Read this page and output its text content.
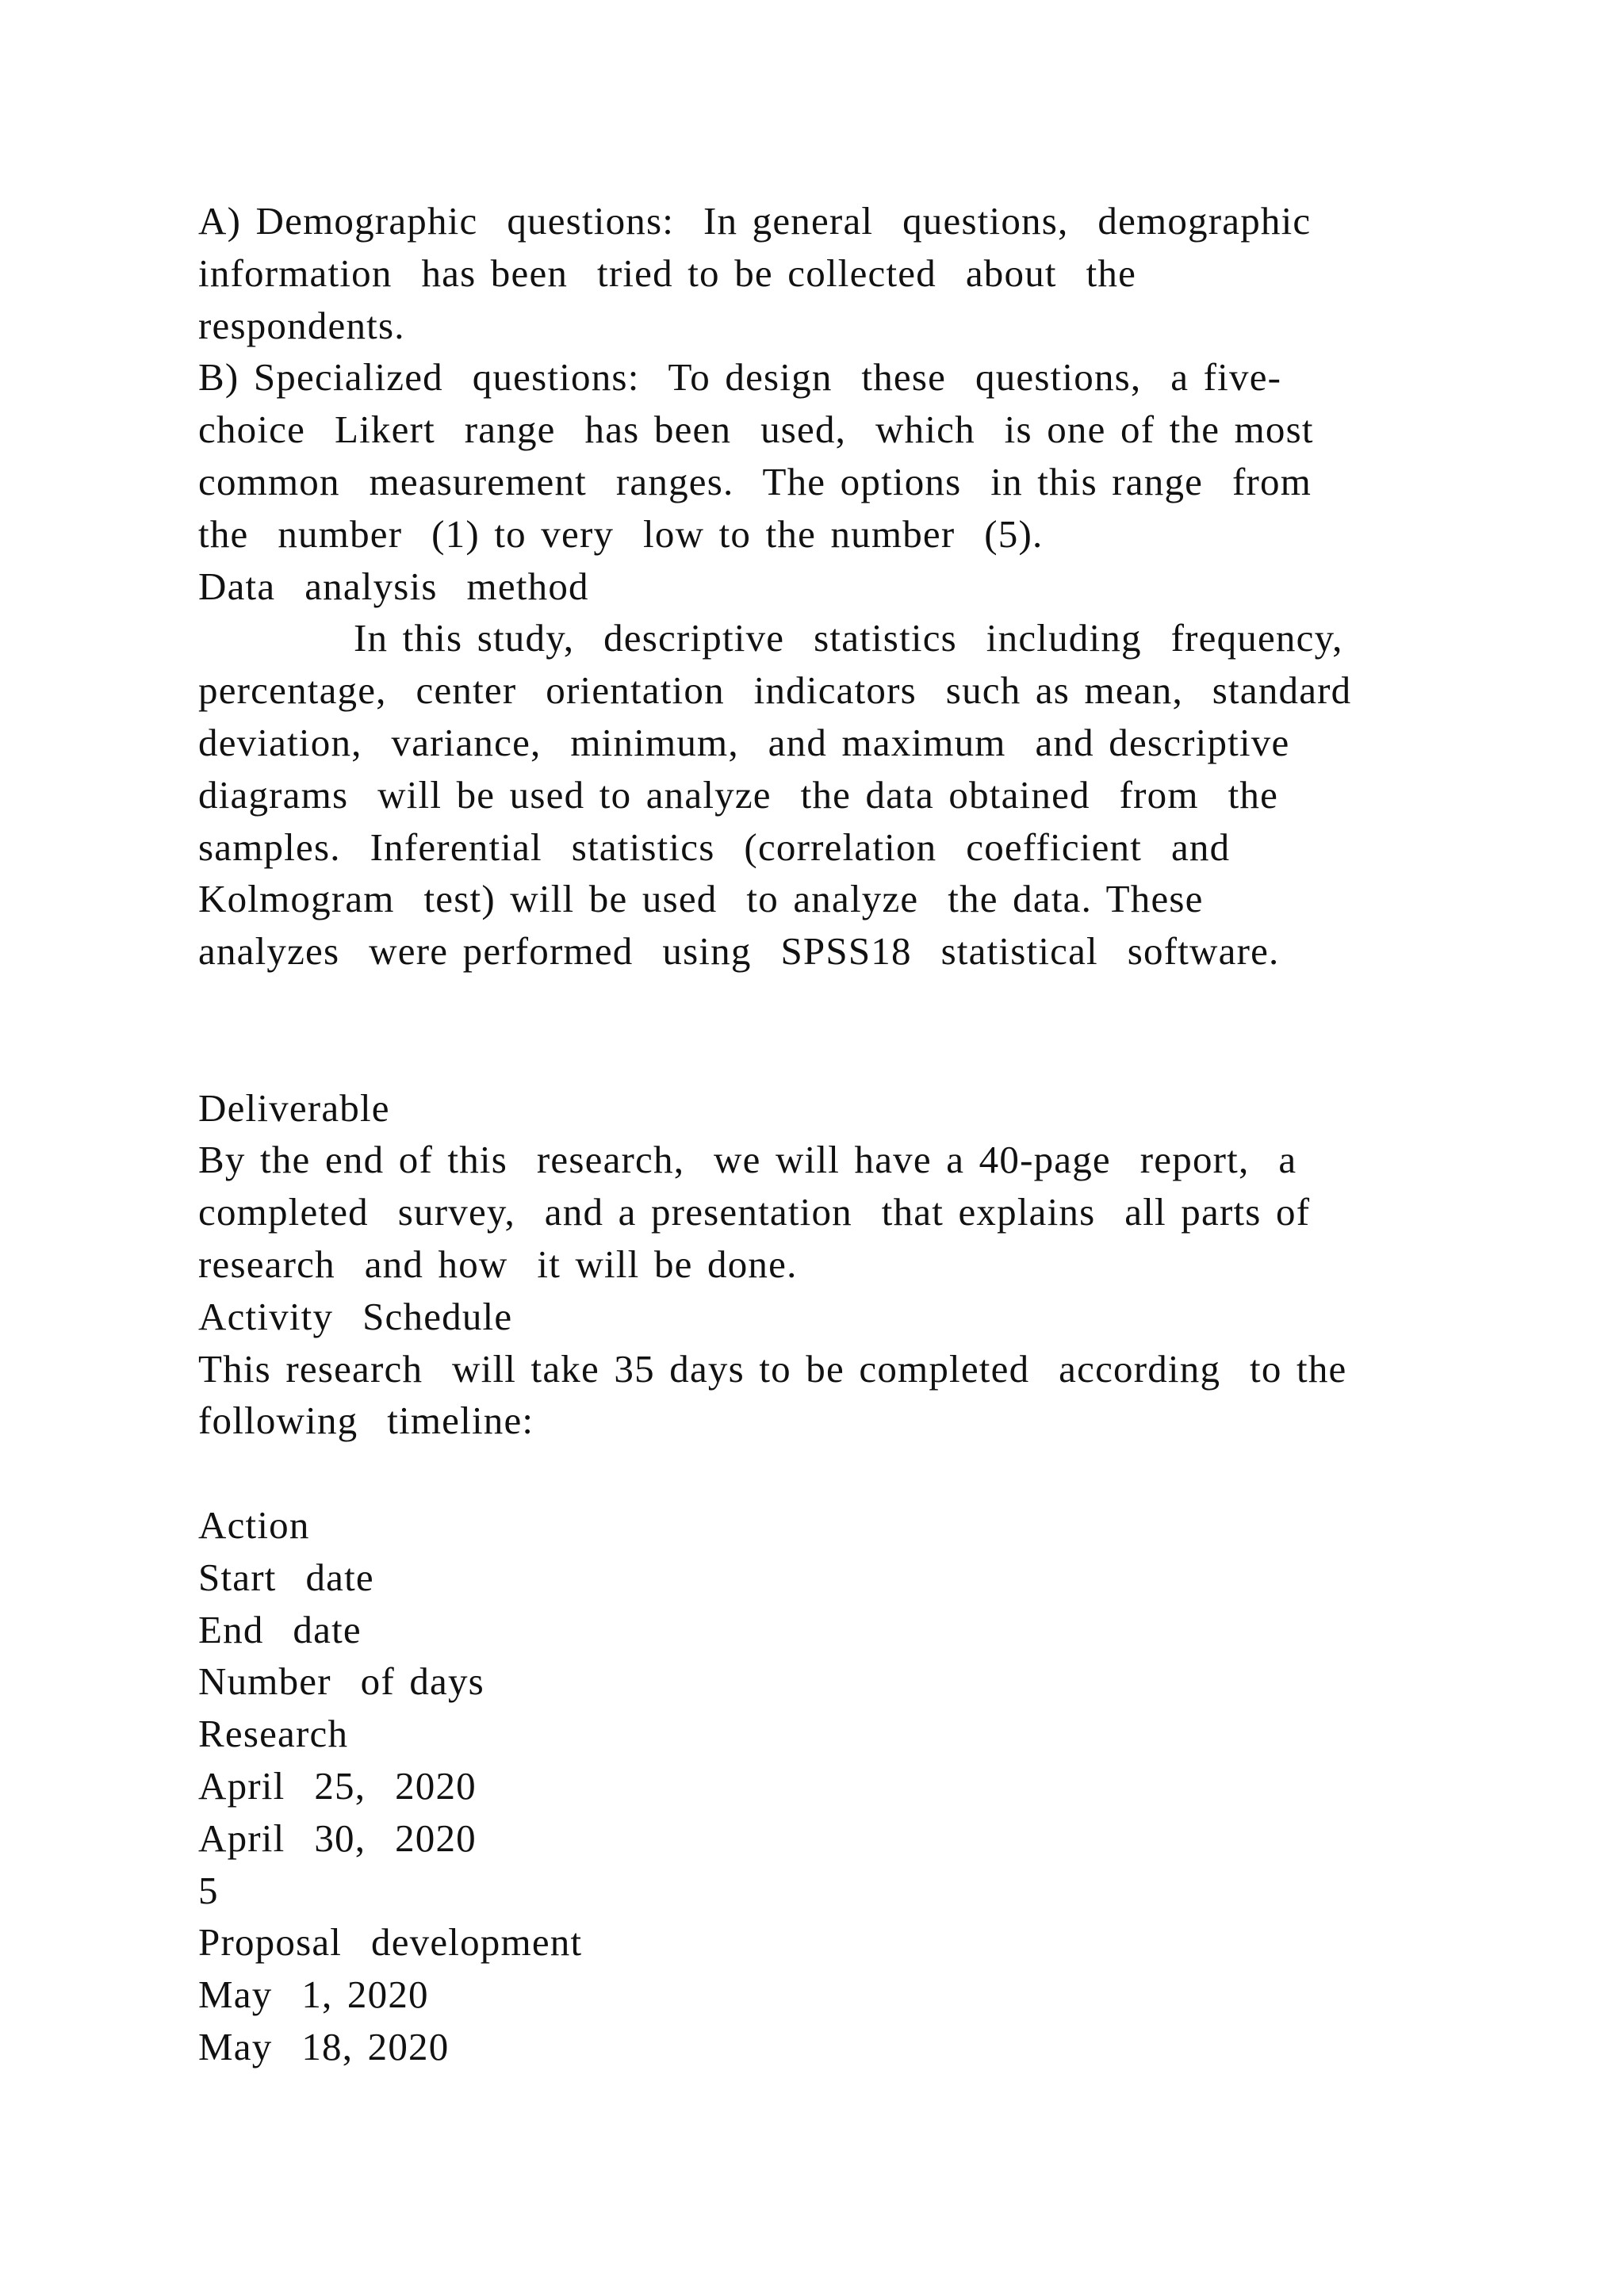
A) Demographic  questions:  In general  questions,  demographic
information  has been  tried to be collected  about  the
respondents.
B) Specialized  questions:  To design  these  questions,  a five-
choice  Likert  range  has been  used,  which  is one of the most
common  measurement  ranges.  The options  in this range  from
the  number  (1) to very  low to the number  (5).
Data  analysis  method
In this study,  descriptive  statistics  including  frequency,
percentage,  center  orientation  indicators  such as mean,  standard
deviation,  variance,  minimum,  and maximum  and descriptive
diagrams  will be used to analyze  the data obtained  from  the
samples.  Inferential  statistics  (correlation  coefficient  and
Kolmogram  test) will be used  to analyze  the data. These
analyzes  were performed  using  SPSS18  statistical  software.
Deliverable
By the end of this  research,  we will have a 40-page  report,  a
completed  survey,  and a presentation  that explains  all parts of
research  and how  it will be done.
Activity  Schedule
This research  will take 35 days to be completed  according  to the
following  timeline:
Action
Start  date
End  date
Number  of days
Research
April  25,  2020
April  30,  2020
5
Proposal  development
May  1, 2020
May  18, 2020
